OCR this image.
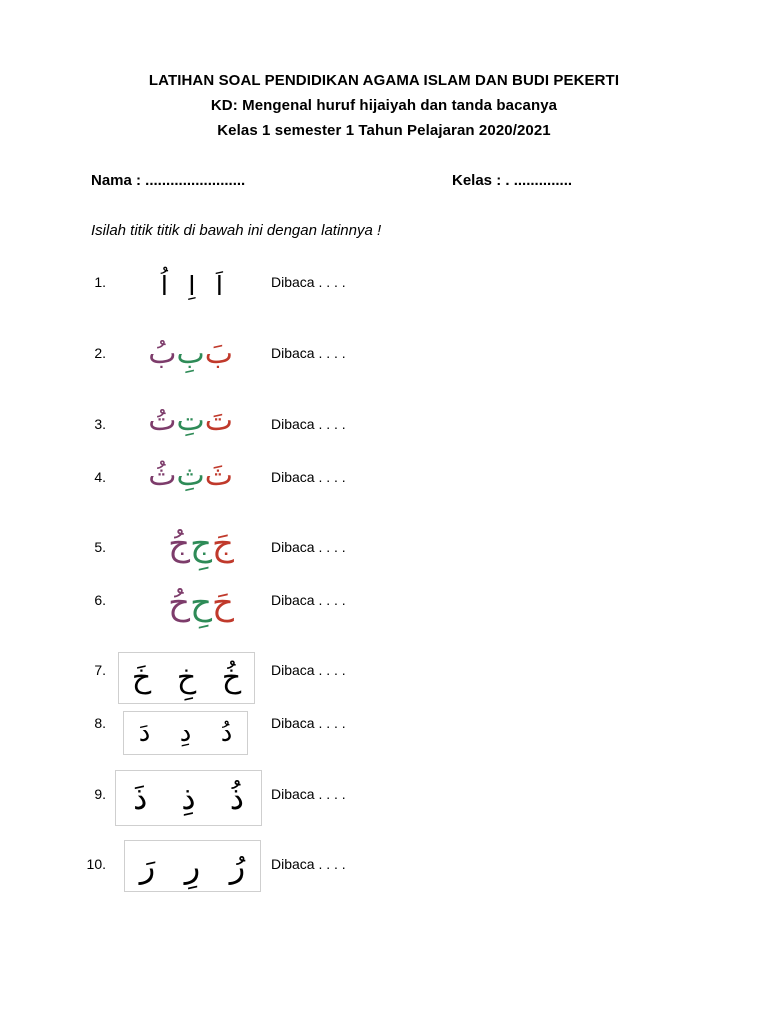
LATIHAN SOAL PENDIDIKAN AGAMA ISLAM DAN BUDI PEKERTI
KD: Mengenal huruf hijaiyah dan tanda bacanya
Kelas 1 semester 1 Tahun Pelajaran 2020/2021
Nama : ........................	Kelas : . ..............
Isilah titik titik di bawah ini dengan latinnya !
1.	اَ اِ اُ	Dibaca . . . .
2.	بَبِبُ	Dibaca . . . .
3.	تَتِتُ	Dibaca . . . .
4.	ثَثِثُ	Dibaca . . . .
5.	جَجِجُ	Dibaca . . . .
6.	حَحِحُ	Dibaca . . . .
7. خَ خِ خُ Dibaca . . . .
8. دَ دِ دُ	Dibaca . . . .
9. ذَ ذِ ذُ Dibaca . . . .
10. رَ رِ رُ Dibaca . . . .
